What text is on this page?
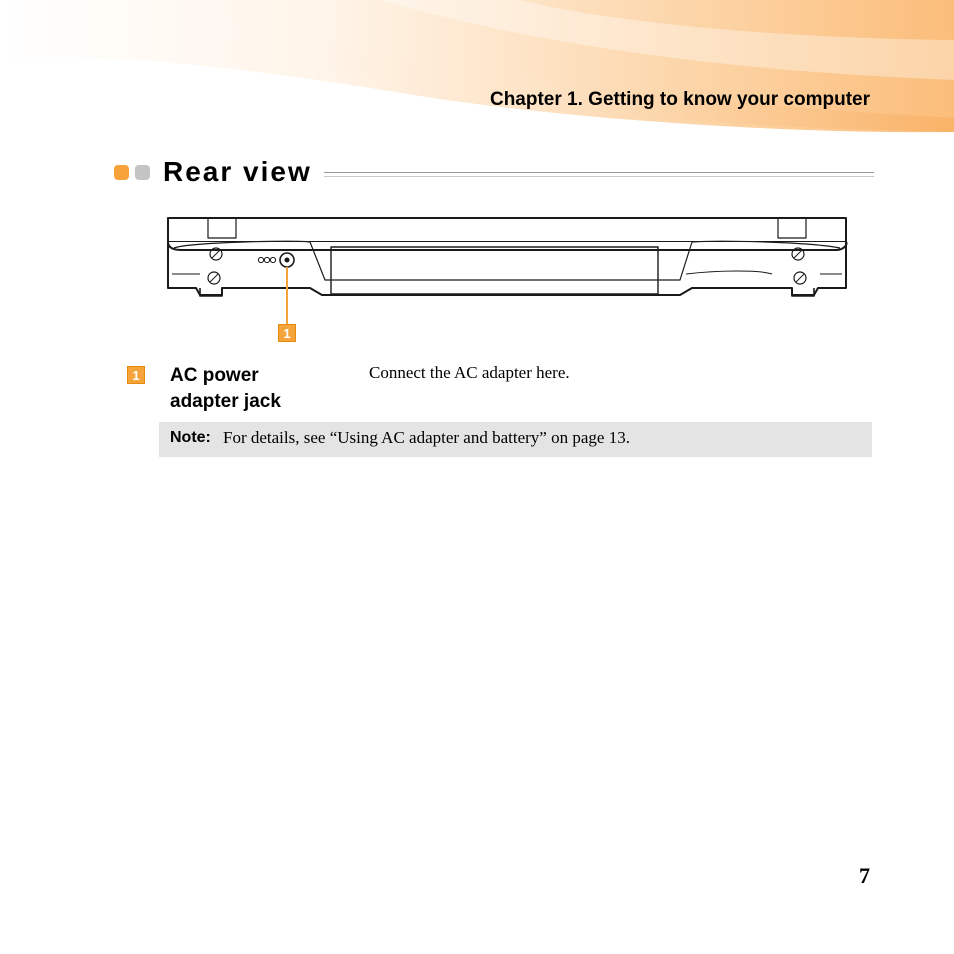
Chapter 1. Getting to know your computer
Rear view
1
1 AC power adapter jack
Connect the AC adapter here.
Note: For details, see “Using AC adapter and battery” on page 13.
7
